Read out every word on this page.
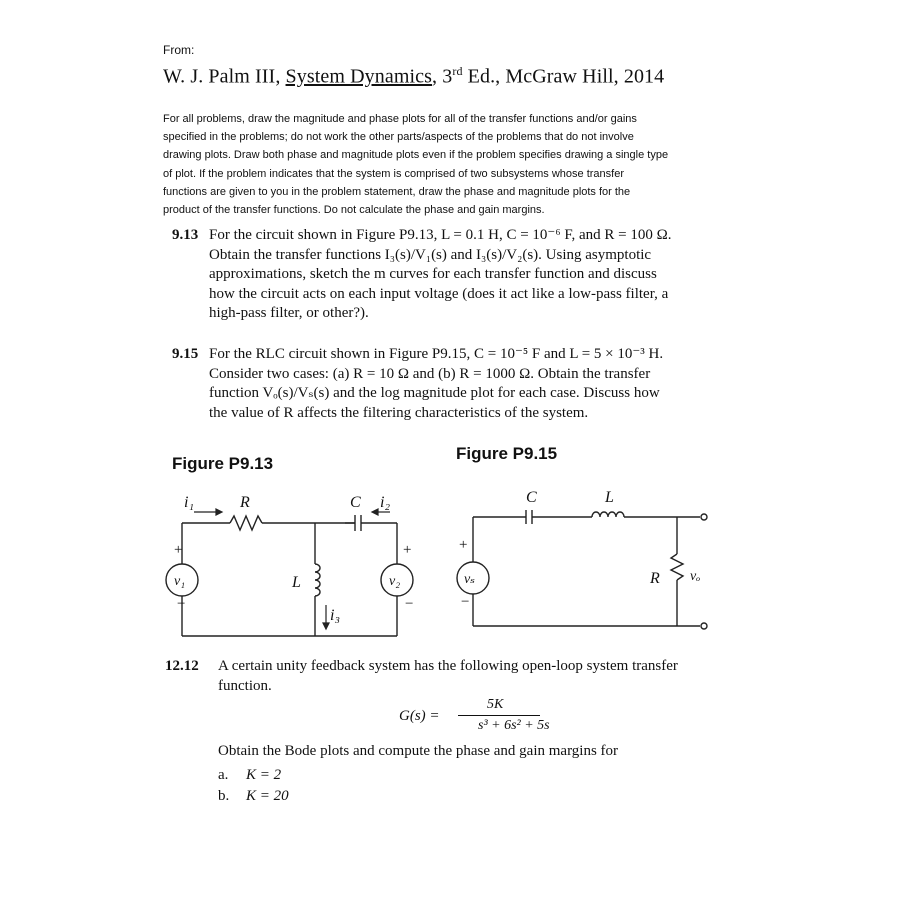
From:
W. J. Palm III, System Dynamics, 3rd Ed., McGraw Hill, 2014
For all problems, draw the magnitude and phase plots for all of the transfer functions and/or gains
specified in the problems; do not work the other parts/aspects of the problems that do not involve
drawing plots. Draw both phase and magnitude plots even if the problem specifies drawing a single type
of plot. If the problem indicates that the system is comprised of two subsystems whose transfer
functions are given to you in the problem statement, draw the phase and magnitude plots for the
product of the transfer functions. Do not calculate the phase and gain margins.
9.13 For the circuit shown in Figure P9.13, L = 0.1 H, C = 10⁻⁶ F, and R = 100 Ω.
Obtain the transfer functions I₃(s)/V₁(s) and I₃(s)/V₂(s). Using asymptotic
approximations, sketch the m curves for each transfer function and discuss
how the circuit acts on each input voltage (does it act like a low-pass filter, a
high-pass filter, or other?).
9.15 For the RLC circuit shown in Figure P9.15, C = 10⁻⁵ F and L = 5 × 10⁻³ H.
Consider two cases: (a) R = 10 Ω and (b) R = 1000 Ω. Obtain the transfer
function Vₒ(s)/Vₛ(s) and the log magnitude plot for each case. Discuss how
the value of R affects the filtering characteristics of the system.
Figure P9.13
Figure P9.15
i₁	R	C i₂
L
v₁	v₂
i₃
+
−
+
−
C	L
R
vₛ	vₒ
+
−
12.12 A certain unity feedback system has the following open-loop system transfer
function.
G(s) =
5K
s³ + 6s² + 5s
Obtain the Bode plots and compute the phase and gain margins for
a. K = 2
b. K = 20
